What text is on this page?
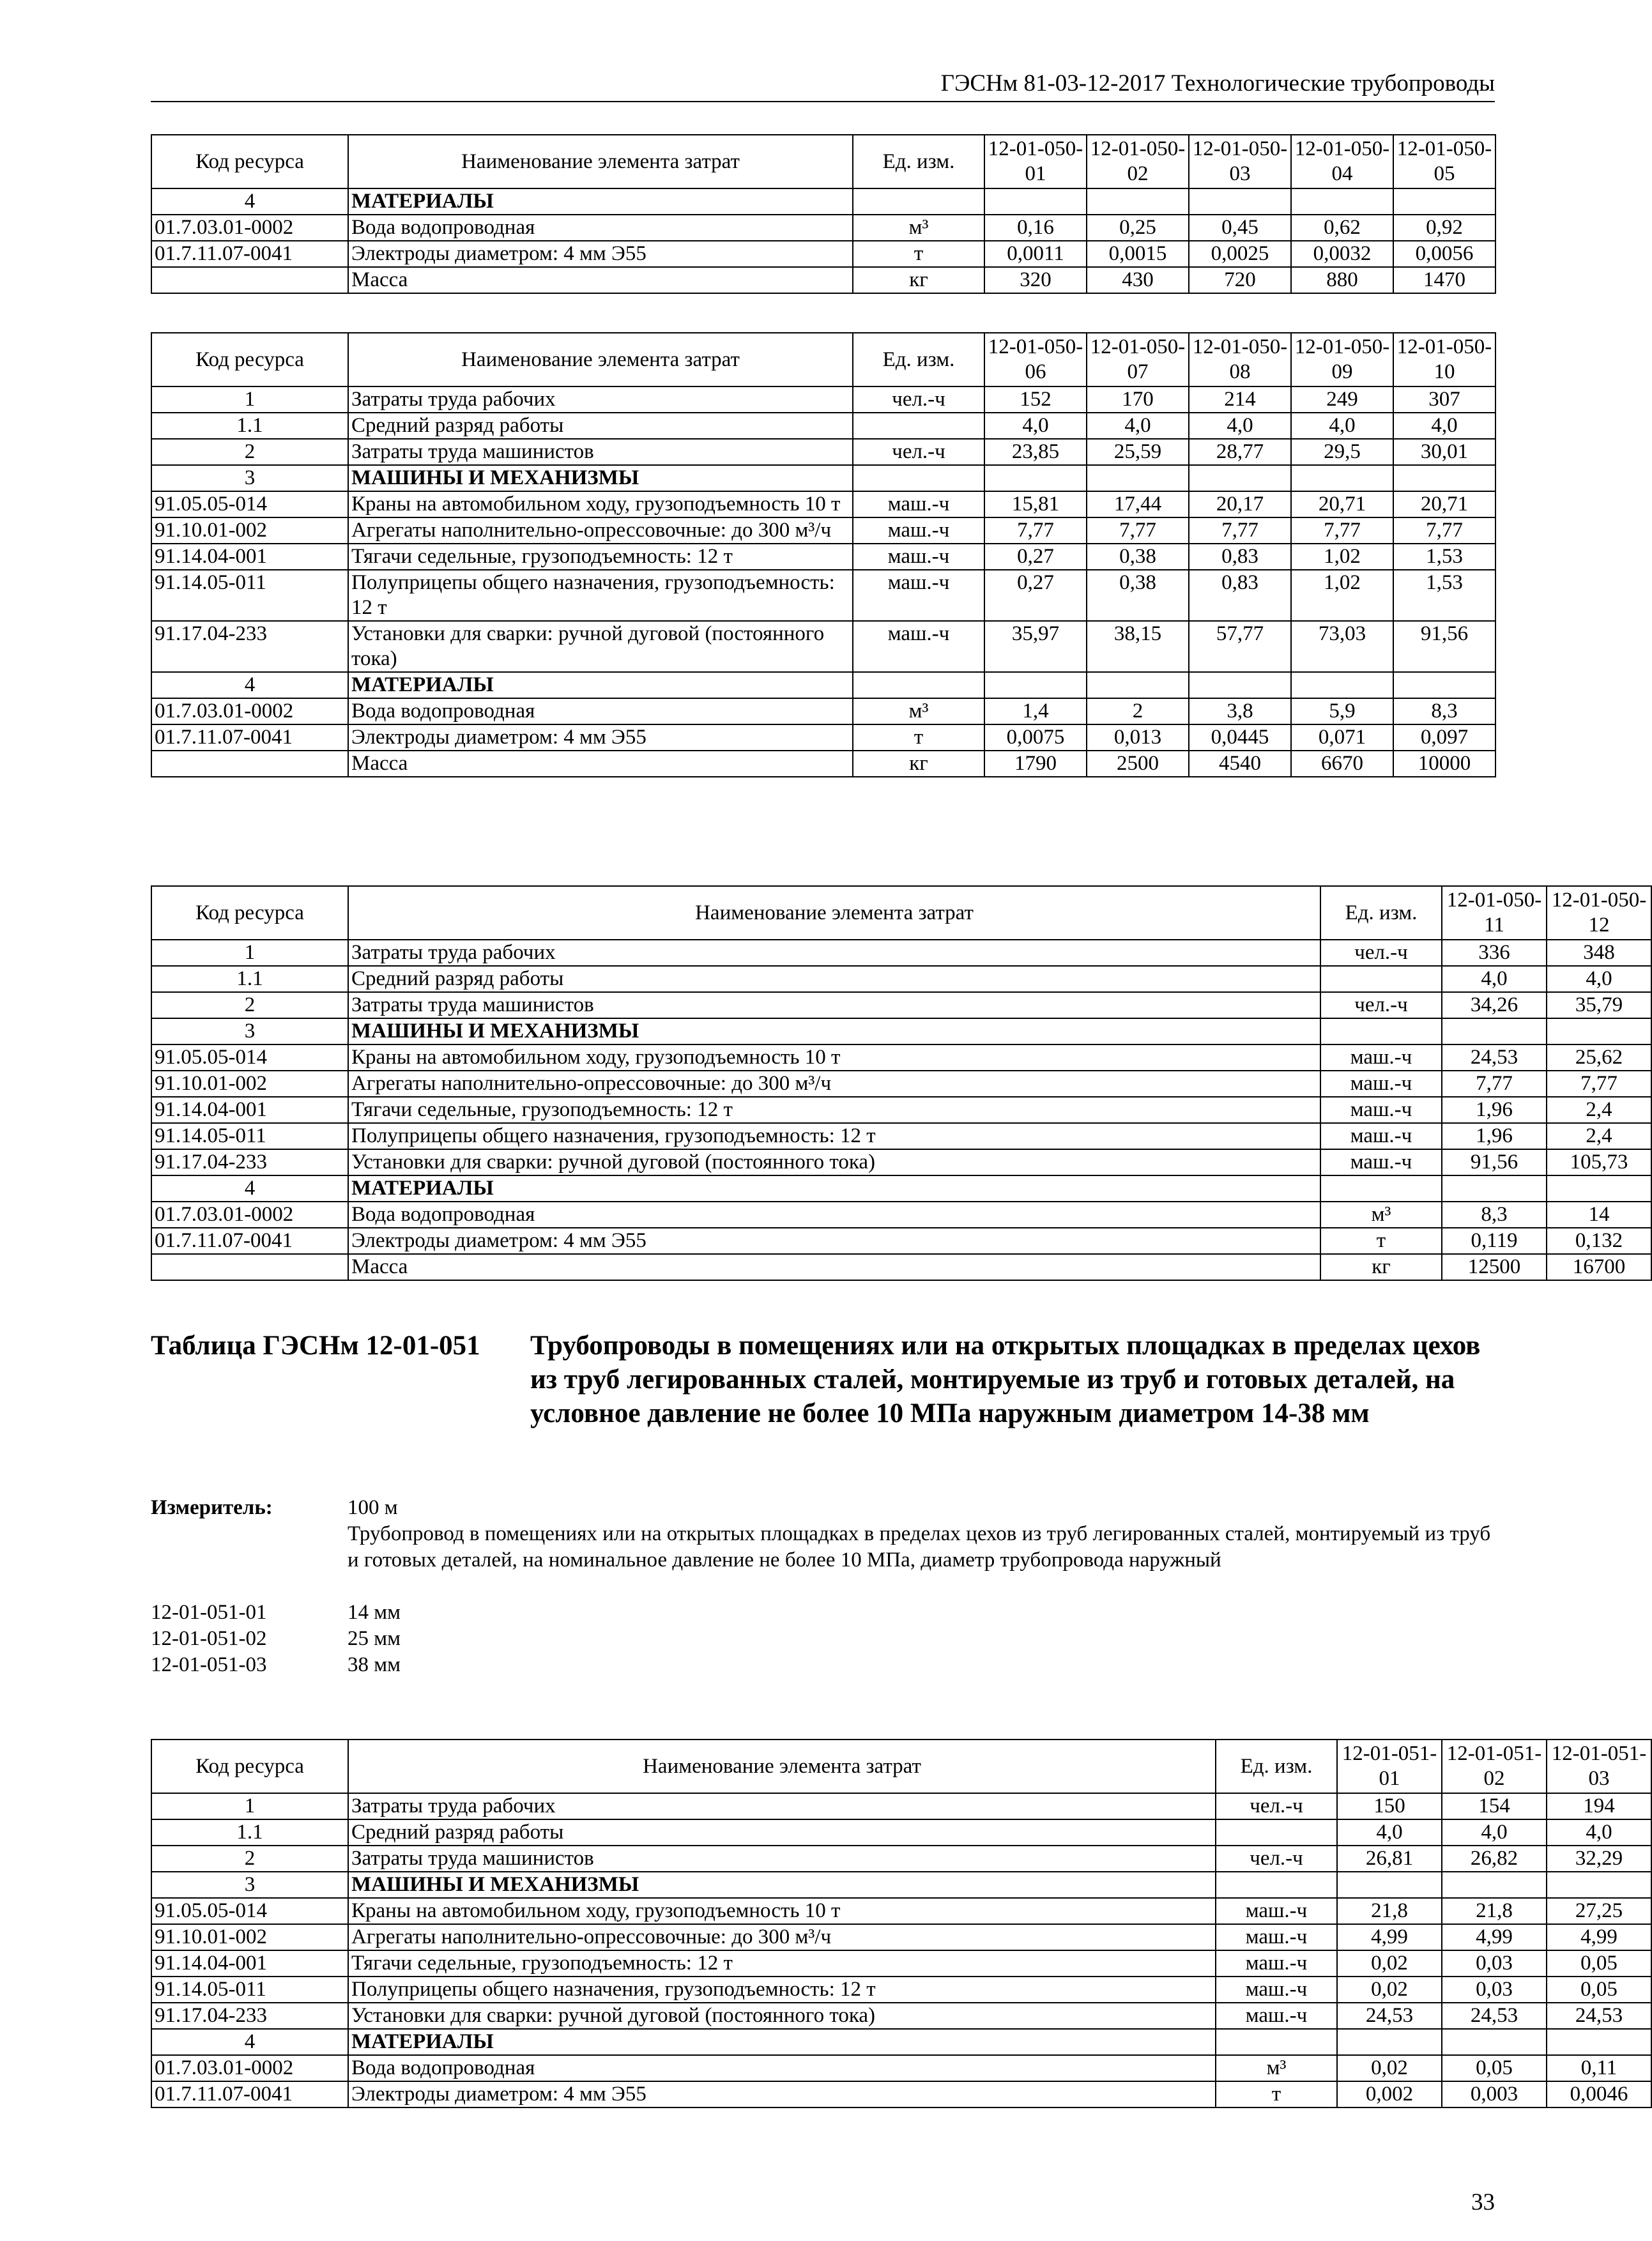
ГЭСНм 81-03-12-2017 Технологические трубопроводы
Код ресурса	Наименование элемента затрат	Ед. изм.	12-01-050-01	12-01-050-02	12-01-050-03	12-01-050-04	12-01-050-05
4	МАТЕРИАЛЫ						
01.7.03.01-0002	Вода водопроводная	м³	0,16	0,25	0,45	0,62	0,92
01.7.11.07-0041	Электроды диаметром: 4 мм Э55	т	0,0011	0,0015	0,0025	0,0032	0,0056
	Масса	кг	320	430	720	880	1470
Код ресурса	Наименование элемента затрат	Ед. изм.	12-01-050-06	12-01-050-07	12-01-050-08	12-01-050-09	12-01-050-10
1	Затраты труда рабочих	чел.-ч	152	170	214	249	307
1.1	Средний разряд работы		4,0	4,0	4,0	4,0	4,0
2	Затраты труда машинистов	чел.-ч	23,85	25,59	28,77	29,5	30,01
3	МАШИНЫ И МЕХАНИЗМЫ						
91.05.05-014	Краны на автомобильном ходу, грузоподъемность 10 т	маш.-ч	15,81	17,44	20,17	20,71	20,71
91.10.01-002	Агрегаты наполнительно-опрессовочные: до 300 м³/ч	маш.-ч	7,77	7,77	7,77	7,77	7,77
91.14.04-001	Тягачи седельные, грузоподъемность: 12 т	маш.-ч	0,27	0,38	0,83	1,02	1,53
91.14.05-011	Полуприцепы общего назначения, грузоподъемность: 12 т	маш.-ч	0,27	0,38	0,83	1,02	1,53
91.17.04-233	Установки для сварки: ручной дуговой (постоянного тока)	маш.-ч	35,97	38,15	57,77	73,03	91,56
4	МАТЕРИАЛЫ						
01.7.03.01-0002	Вода водопроводная	м³	1,4	2	3,8	5,9	8,3
01.7.11.07-0041	Электроды диаметром: 4 мм Э55	т	0,0075	0,013	0,0445	0,071	0,097
	Масса	кг	1790	2500	4540	6670	10000
Код ресурса	Наименование элемента затрат	Ед. изм.	12-01-050-11	12-01-050-12
1	Затраты труда рабочих	чел.-ч	336	348
1.1	Средний разряд работы		4,0	4,0
2	Затраты труда машинистов	чел.-ч	34,26	35,79
3	МАШИНЫ И МЕХАНИЗМЫ			
91.05.05-014	Краны на автомобильном ходу, грузоподъемность 10 т	маш.-ч	24,53	25,62
91.10.01-002	Агрегаты наполнительно-опрессовочные: до 300 м³/ч	маш.-ч	7,77	7,77
91.14.04-001	Тягачи седельные, грузоподъемность: 12 т	маш.-ч	1,96	2,4
91.14.05-011	Полуприцепы общего назначения, грузоподъемность: 12 т	маш.-ч	1,96	2,4
91.17.04-233	Установки для сварки: ручной дуговой (постоянного тока)	маш.-ч	91,56	105,73
4	МАТЕРИАЛЫ			
01.7.03.01-0002	Вода водопроводная	м³	8,3	14
01.7.11.07-0041	Электроды диаметром: 4 мм Э55	т	0,119	0,132
	Масса	кг	12500	16700
Таблица ГЭСНм 12-01-051 Трубопроводы в помещениях или на открытых площадках в пределах цехов из труб легированных сталей, монтируемые из труб и готовых деталей, на условное давление не более 10 МПа наружным диаметром 14-38 мм
Измеритель:	100 м
Трубопровод в помещениях или на открытых площадках в пределах цехов из труб легированных сталей, монтируемый из труб и готовых деталей, на номинальное давление не более 10 МПа, диаметр трубопровода наружный
12-01-051-01	14 мм
12-01-051-02	25 мм
12-01-051-03	38 мм
Код ресурса	Наименование элемента затрат	Ед. изм.	12-01-051-01	12-01-051-02	12-01-051-03
1	Затраты труда рабочих	чел.-ч	150	154	194
1.1	Средний разряд работы		4,0	4,0	4,0
2	Затраты труда машинистов	чел.-ч	26,81	26,82	32,29
3	МАШИНЫ И МЕХАНИЗМЫ				
91.05.05-014	Краны на автомобильном ходу, грузоподъемность 10 т	маш.-ч	21,8	21,8	27,25
91.10.01-002	Агрегаты наполнительно-опрессовочные: до 300 м³/ч	маш.-ч	4,99	4,99	4,99
91.14.04-001	Тягачи седельные, грузоподъемность: 12 т	маш.-ч	0,02	0,03	0,05
91.14.05-011	Полуприцепы общего назначения, грузоподъемность: 12 т	маш.-ч	0,02	0,03	0,05
91.17.04-233	Установки для сварки: ручной дуговой (постоянного тока)	маш.-ч	24,53	24,53	24,53
4	МАТЕРИАЛЫ				
01.7.03.01-0002	Вода водопроводная	м³	0,02	0,05	0,11
01.7.11.07-0041	Электроды диаметром: 4 мм Э55	т	0,002	0,003	0,0046
33
